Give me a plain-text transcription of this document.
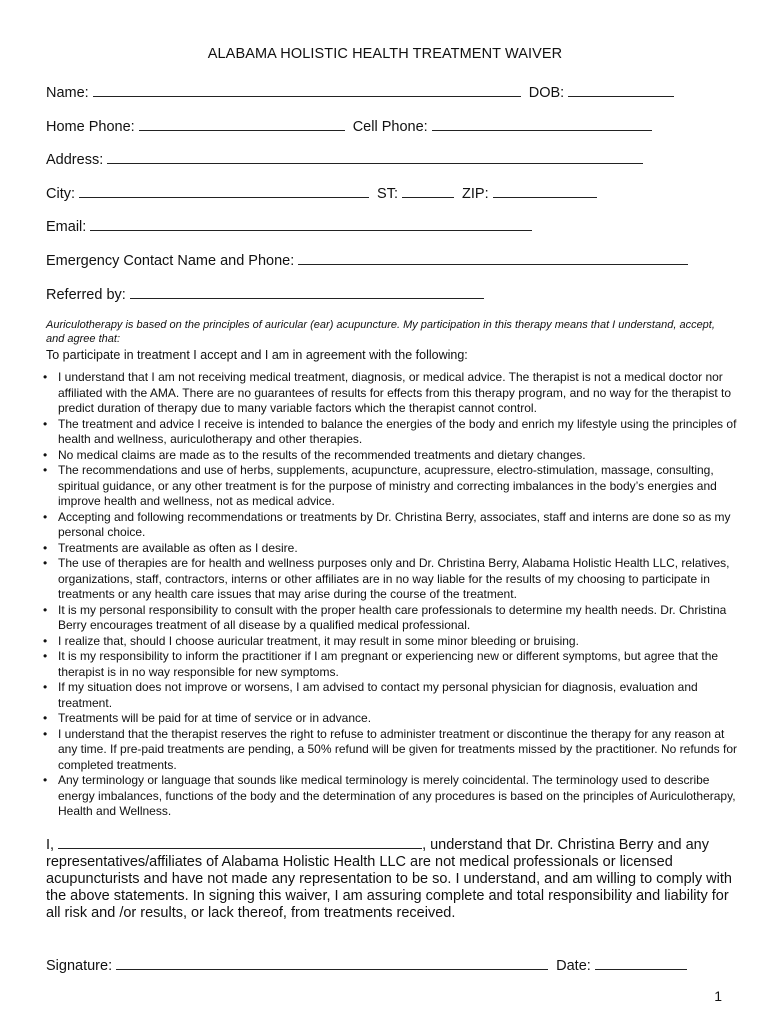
ALABAMA HOLISTIC HEALTH TREATMENT WAIVER
Name:	DOB:
Home Phone:	Cell Phone:
Address:
City:	ST:	ZIP:
Email:
Emergency Contact Name and Phone:
Referred by:
Auriculotherapy is based on the principles of auricular (ear) acupuncture. My participation in this therapy means that I understand, accept, and agree that:
To participate in treatment I accept and I am in agreement with the following:
• I understand that I am not receiving medical treatment, diagnosis, or medical advice. The therapist is not a medical doctor nor affiliated with the AMA. There are no guarantees of results for effects from this therapy program, and no way for the therapist to predict duration of therapy due to many variable factors which the therapist cannot control.
• The treatment and advice I receive is intended to balance the energies of the body and enrich my lifestyle using the principles of health and wellness, auriculotherapy and other therapies.
• No medical claims are made as to the results of the recommended treatments and dietary changes.
• The recommendations and use of herbs, supplements, acupuncture, acupressure, electro-stimulation, massage, consulting, spiritual guidance, or any other treatment is for the purpose of ministry and correcting imbalances in the body’s energies and improve health and wellness, not as medical advice.
• Accepting and following recommendations or treatments by Dr. Christina Berry, associates, staff and interns are done so as my personal choice.
• Treatments are available as often as I desire.
• The use of therapies are for health and wellness purposes only and Dr. Christina Berry, Alabama Holistic Health LLC, relatives, organizations, staff, contractors, interns or other affiliates are in no way liable for the results of my choosing to participate in treatments or any health care issues that may arise during the course of the treatment.
• It is my personal responsibility to consult with the proper health care professionals to determine my health needs. Dr. Christina Berry encourages treatment of all disease by a qualified medical professional.
• I realize that, should I choose auricular treatment, it may result in some minor bleeding or bruising.
• It is my responsibility to inform the practitioner if I am pregnant or experiencing new or different symptoms, but agree that the therapist is in no way responsible for new symptoms.
• If my situation does not improve or worsens, I am advised to contact my personal physician for diagnosis, evaluation and treatment.
• Treatments will be paid for at time of service or in advance.
• I understand that the therapist reserves the right to refuse to administer treatment or discontinue the therapy for any reason at any time. If pre-paid treatments are pending, a 50% refund will be given for treatments missed by the practitioner. No refunds for completed treatments.
• Any terminology or language that sounds like medical terminology is merely coincidental. The terminology used to describe energy imbalances, functions of the body and the determination of any procedures is based on the principles of Auriculotherapy, Health and Wellness.
I,	, understand that Dr. Christina Berry and any representatives/affiliates of Alabama Holistic Health LLC are not medical professionals or licensed acupuncturists and have not made any representation to be so. I understand, and am willing to comply with the above statements. In signing this waiver, I am assuring complete and total responsibility and liability for all risk and /or results, or lack thereof, from treatments received.
Signature:	Date:
1
